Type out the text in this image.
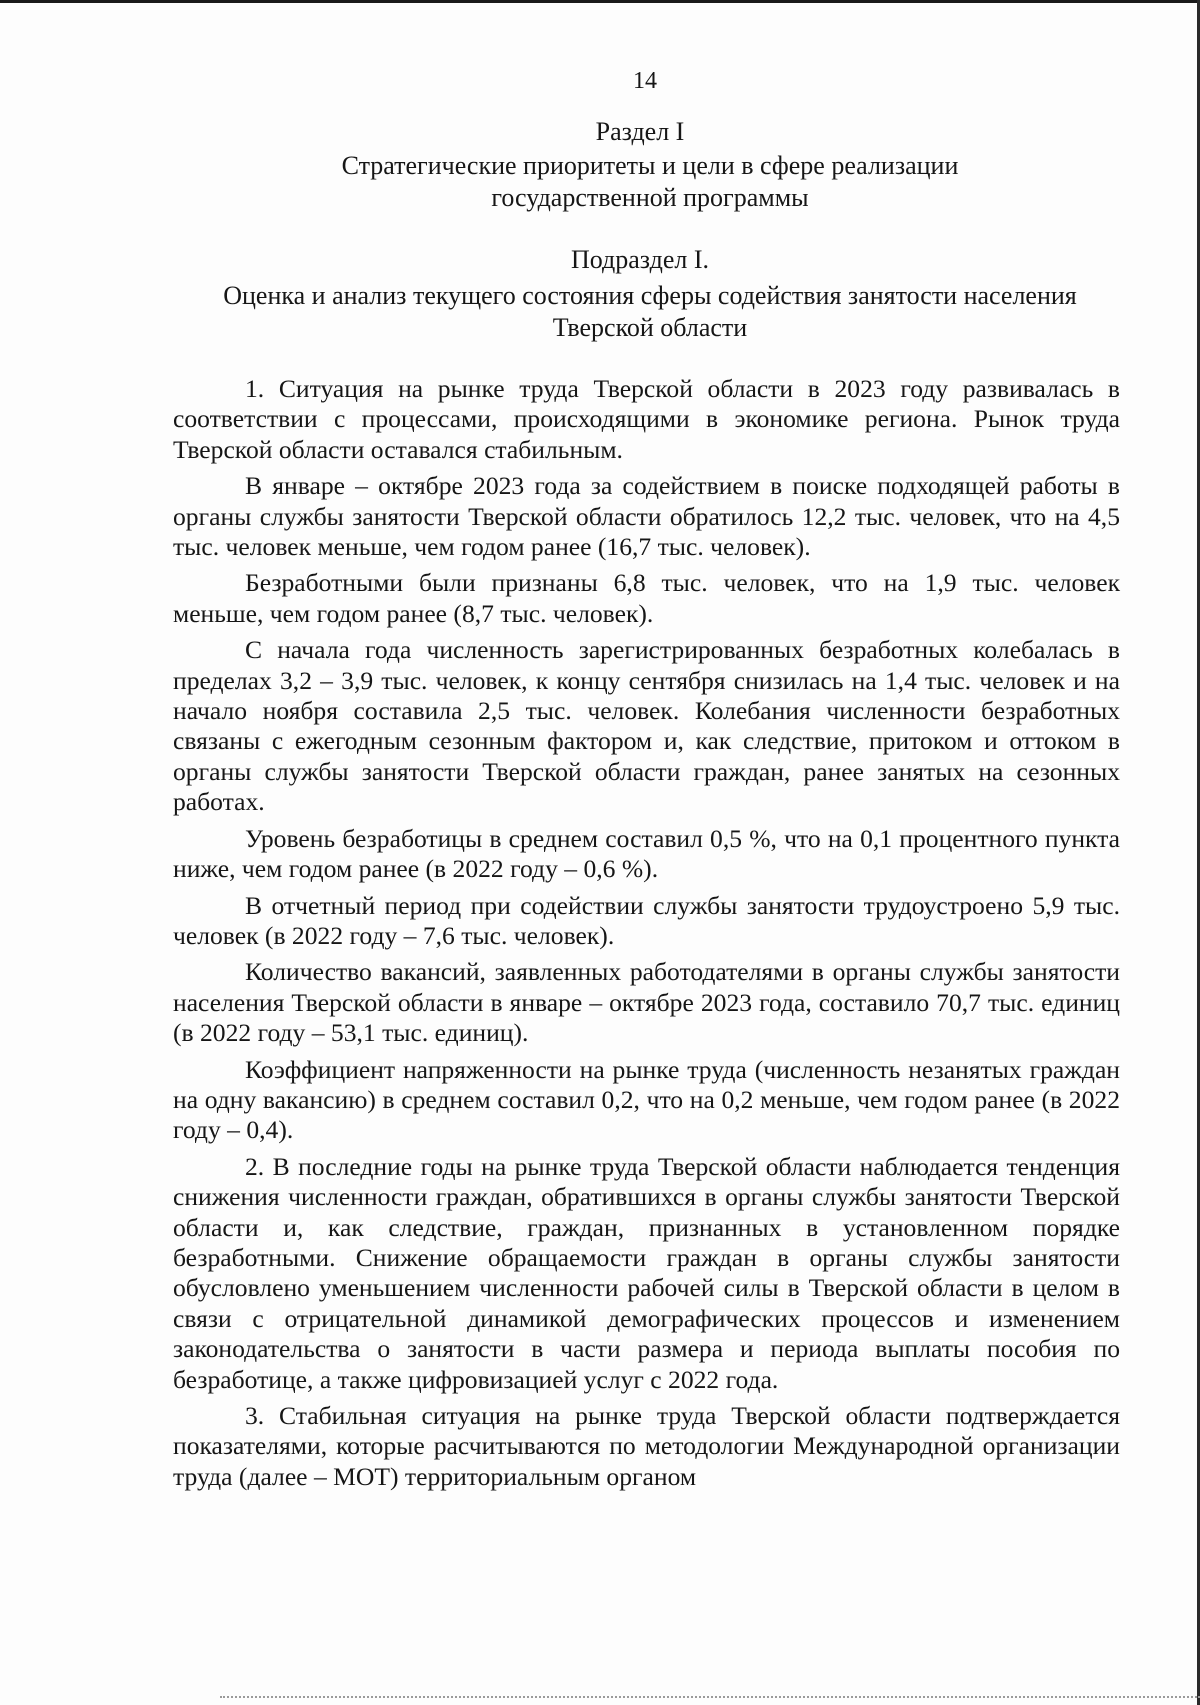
14
Раздел I
Стратегические приоритеты и цели в сфере реализации
государственной программы
Подраздел I.
Оценка и анализ текущего состояния сферы содействия занятости населения
Тверской области

1. Ситуация на рынке труда Тверской области в 2023 году развивалась в соответствии с процессами, происходящими в экономике региона. Рынок труда Тверской области оставался стабильным.

В январе – октябре 2023 года за содействием в поиске подходящей работы в органы службы занятости Тверской области обратилось 12,2 тыс. человек, что на 4,5 тыс. человек меньше, чем годом ранее (16,7 тыс. человек).

Безработными были признаны 6,8 тыс. человек, что на 1,9 тыс. человек меньше, чем годом ранее (8,7 тыс. человек).

С начала года численность зарегистрированных безработных колебалась в пределах 3,2 – 3,9 тыс. человек, к концу сентября снизилась на 1,4 тыс. человек и на начало ноября составила 2,5 тыс. человек. Колебания численности безработных связаны с ежегодным сезонным фактором и, как следствие, притоком и оттоком в органы службы занятости Тверской области граждан, ранее занятых на сезонных работах.

Уровень безработицы в среднем составил 0,5 %, что на 0,1 процентного пункта ниже, чем годом ранее (в 2022 году – 0,6 %).

В отчетный период при содействии службы занятости трудоустроено 5,9 тыс. человек (в 2022 году – 7,6 тыс. человек).

Количество вакансий, заявленных работодателями в органы службы занятости населения Тверской области в январе – октябре 2023 года, составило 70,7 тыс. единиц (в 2022 году – 53,1 тыс. единиц).

Коэффициент напряженности на рынке труда (численность незанятых граждан на одну вакансию) в среднем составил 0,2, что на 0,2 меньше, чем годом ранее (в 2022 году – 0,4).

2. В последние годы на рынке труда Тверской области наблюдается тенденция снижения численности граждан, обратившихся в органы службы занятости Тверской области и, как следствие, граждан, признанных в установленном порядке безработными. Снижение обращаемости граждан в органы службы занятости обусловлено уменьшением численности рабочей силы в Тверской области в целом в связи с отрицательной динамикой демографических процессов и изменением законодательства о занятости в части размера и периода выплаты пособия по безработице, а также цифровизацией услуг с 2022 года.

3. Стабильная ситуация на рынке труда Тверской области подтверждается показателями, которые расчитываются по методологии Международной организации труда (далее – МОТ) территориальным органом
